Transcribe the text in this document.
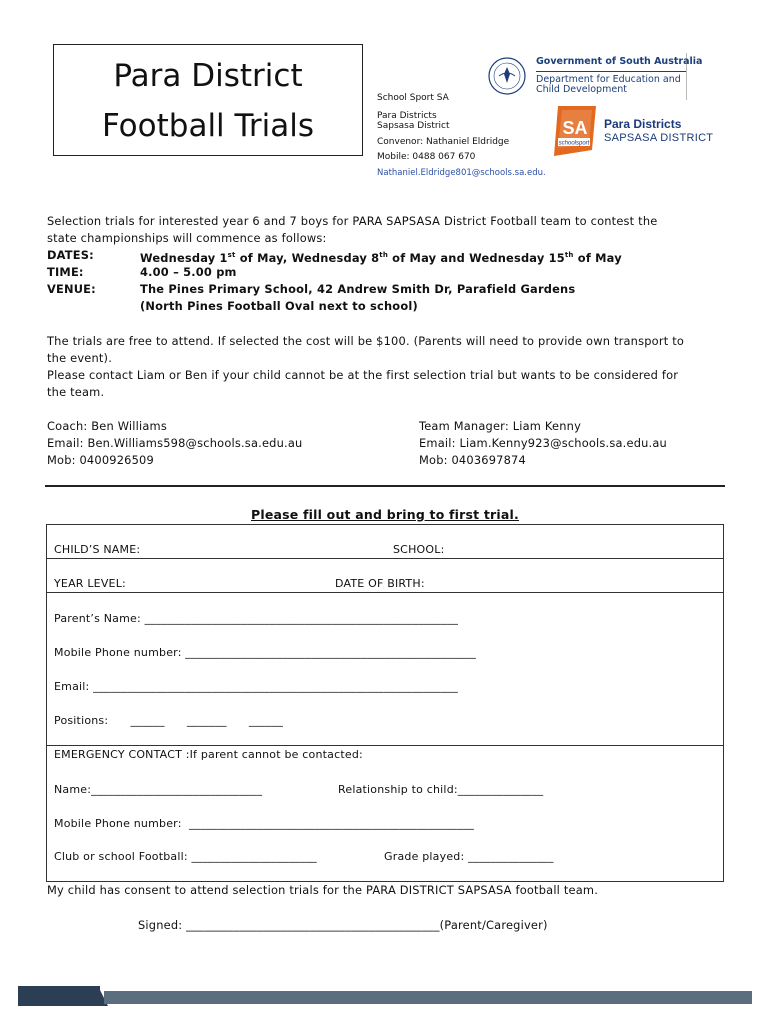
Para District
Football Trials
School Sport SA
Para Districts
Sapsasa District
Convenor: Nathaniel Eldridge
Mobile: 0488 067 670
Nathaniel.Eldridge801@schools.sa.edu.
Government of South Australia
Department for Education and
Child Development
SA
schoolsport
Para Districts
SAPSASA DISTRICT
Selection trials for interested year 6 and 7 boys for PARA SAPSASA District Football team to contest the
state championships will commence as follows:
DATES:	Wednesday 1st of May, Wednesday 8th of May and Wednesday 15th of May
TIME:	4.00 – 5.00 pm
VENUE:	The Pines Primary School, 42 Andrew Smith Dr, Parafield Gardens
(North Pines Football Oval next to school)
The trials are free to attend. If selected the cost will be $100. (Parents will need to provide own transport to
the event).
Please contact Liam or Ben if your child cannot be at the first selection trial but wants to be considered for
the team.
Coach: Ben Williams
Email: Ben.Williams598@schools.sa.edu.au
Mob: 0400926509
Team Manager: Liam Kenny
Email: Liam.Kenny923@schools.sa.edu.au
Mob: 0403697874
Please fill out and bring to first trial.
CHILD’S NAME:	SCHOOL:
YEAR LEVEL:	DATE OF BIRTH:
Parent’s Name: _______________________________________________________
Mobile Phone number: ___________________________________________________
Email: ________________________________________________________________
Positions:      ______      _______      ______
EMERGENCY CONTACT :If parent cannot be contacted:
Name:______________________________	Relationship to child:_______________
Mobile Phone number:  __________________________________________________
Club or school Football: ______________________	Grade played: _______________
My child has consent to attend selection trials for the PARA DISTRICT SAPSASA football team.
Signed: ___________________________________________(Parent/Caregiver)
